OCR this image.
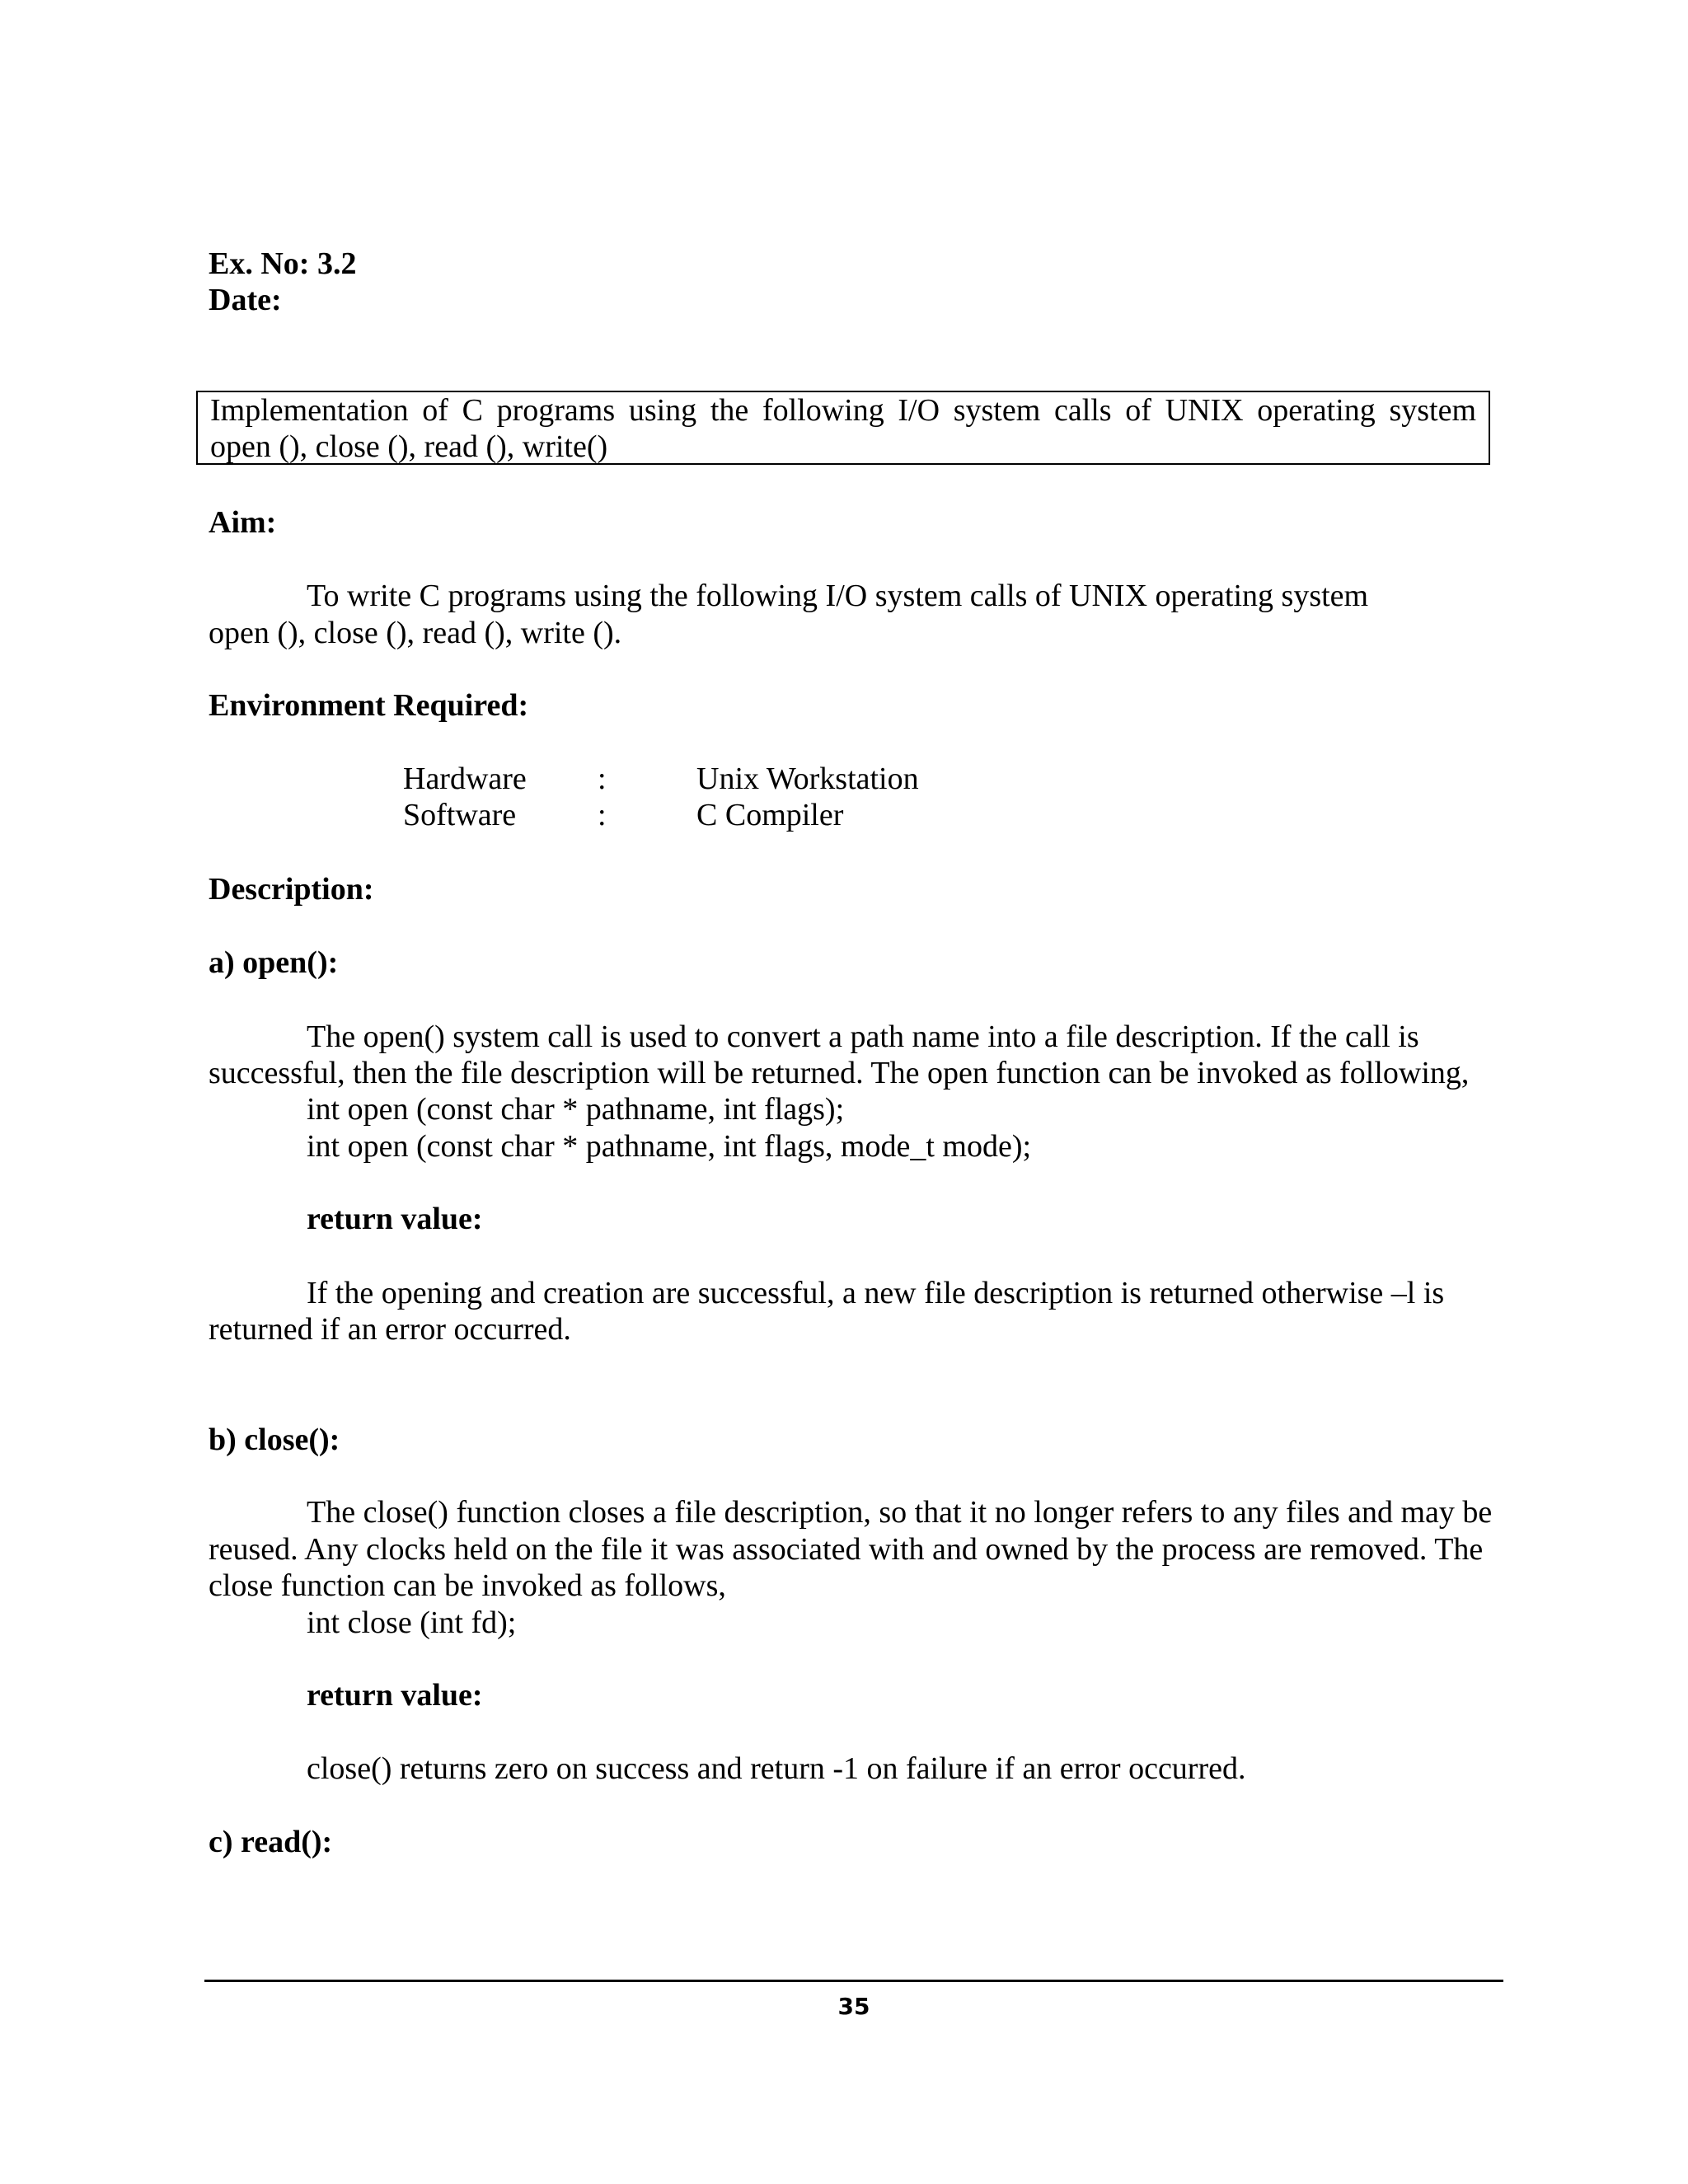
Ex. No: 3.2
Date:
Implementation of C programs using the following I/O system calls of UNIX operating system
open (), close (), read (), write()
Aim:
To write C programs using the following I/O system calls of UNIX operating system
open (), close (), read (), write ().
Environment Required:
Hardware :	Unix Workstation
Software	:	C Compiler
Description:
a) open():
The open() system call is used to convert a path name into a file description. If the call is
successful, then the file description will be returned. The open function can be invoked as following,
int open (const char * pathname, int flags);
int open (const char * pathname, int flags, mode_t mode);
return value:
If the opening and creation are successful, a new file description is returned otherwise –l is
returned if an error occurred.
b) close():
The close() function closes a file description, so that it no longer refers to any files and may be
reused. Any clocks held on the file it was associated with and owned by the process are removed. The
close function can be invoked as follows,
int close (int fd);
return value:
close() returns zero on success and return -1 on failure if an error occurred.
c) read():
35
